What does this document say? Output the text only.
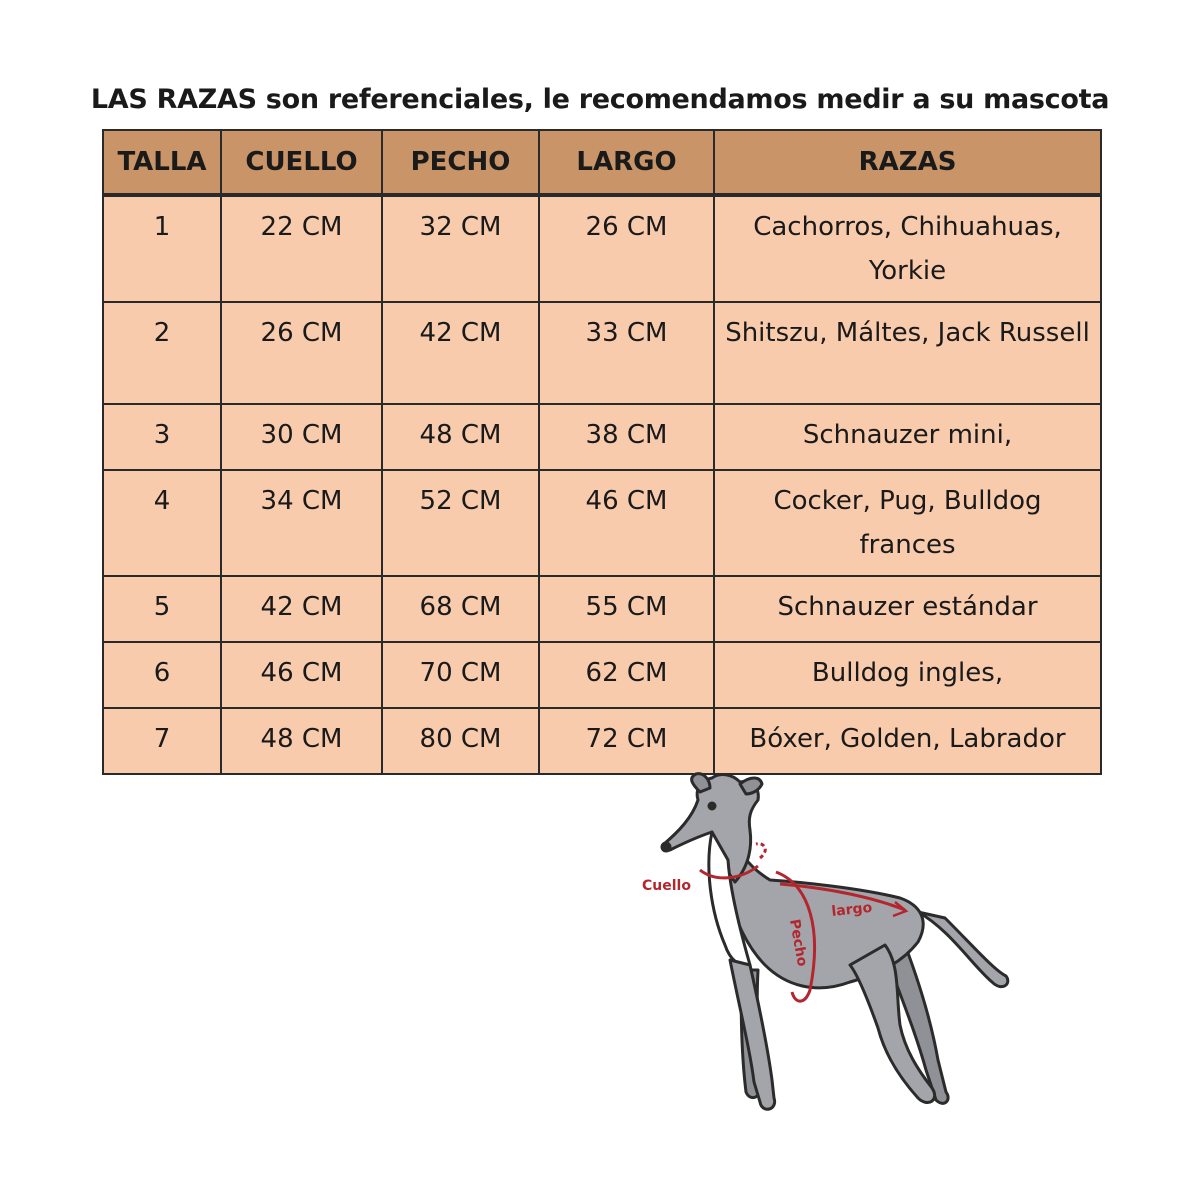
LAS RAZAS son referenciales, le recomendamos medir a su mascota
TALLA	CUELLO	PECHO	LARGO	RAZAS
1	22 CM	32 CM	26 CM	Cachorros, Chihuahuas, Yorkie
2	26 CM	42 CM	33 CM	Shitszu, Máltes, Jack Russell
3	30 CM	48 CM	38 CM	Schnauzer mini,
4	34 CM	52 CM	46 CM	Cocker, Pug, Bulldog frances
5	42 CM	68 CM	55 CM	Schnauzer estándar
6	46 CM	70 CM	62 CM	Bulldog ingles,
7	48 CM	80 CM	72 CM	Bóxer, Golden, Labrador
Cuello
largo
Pecho
